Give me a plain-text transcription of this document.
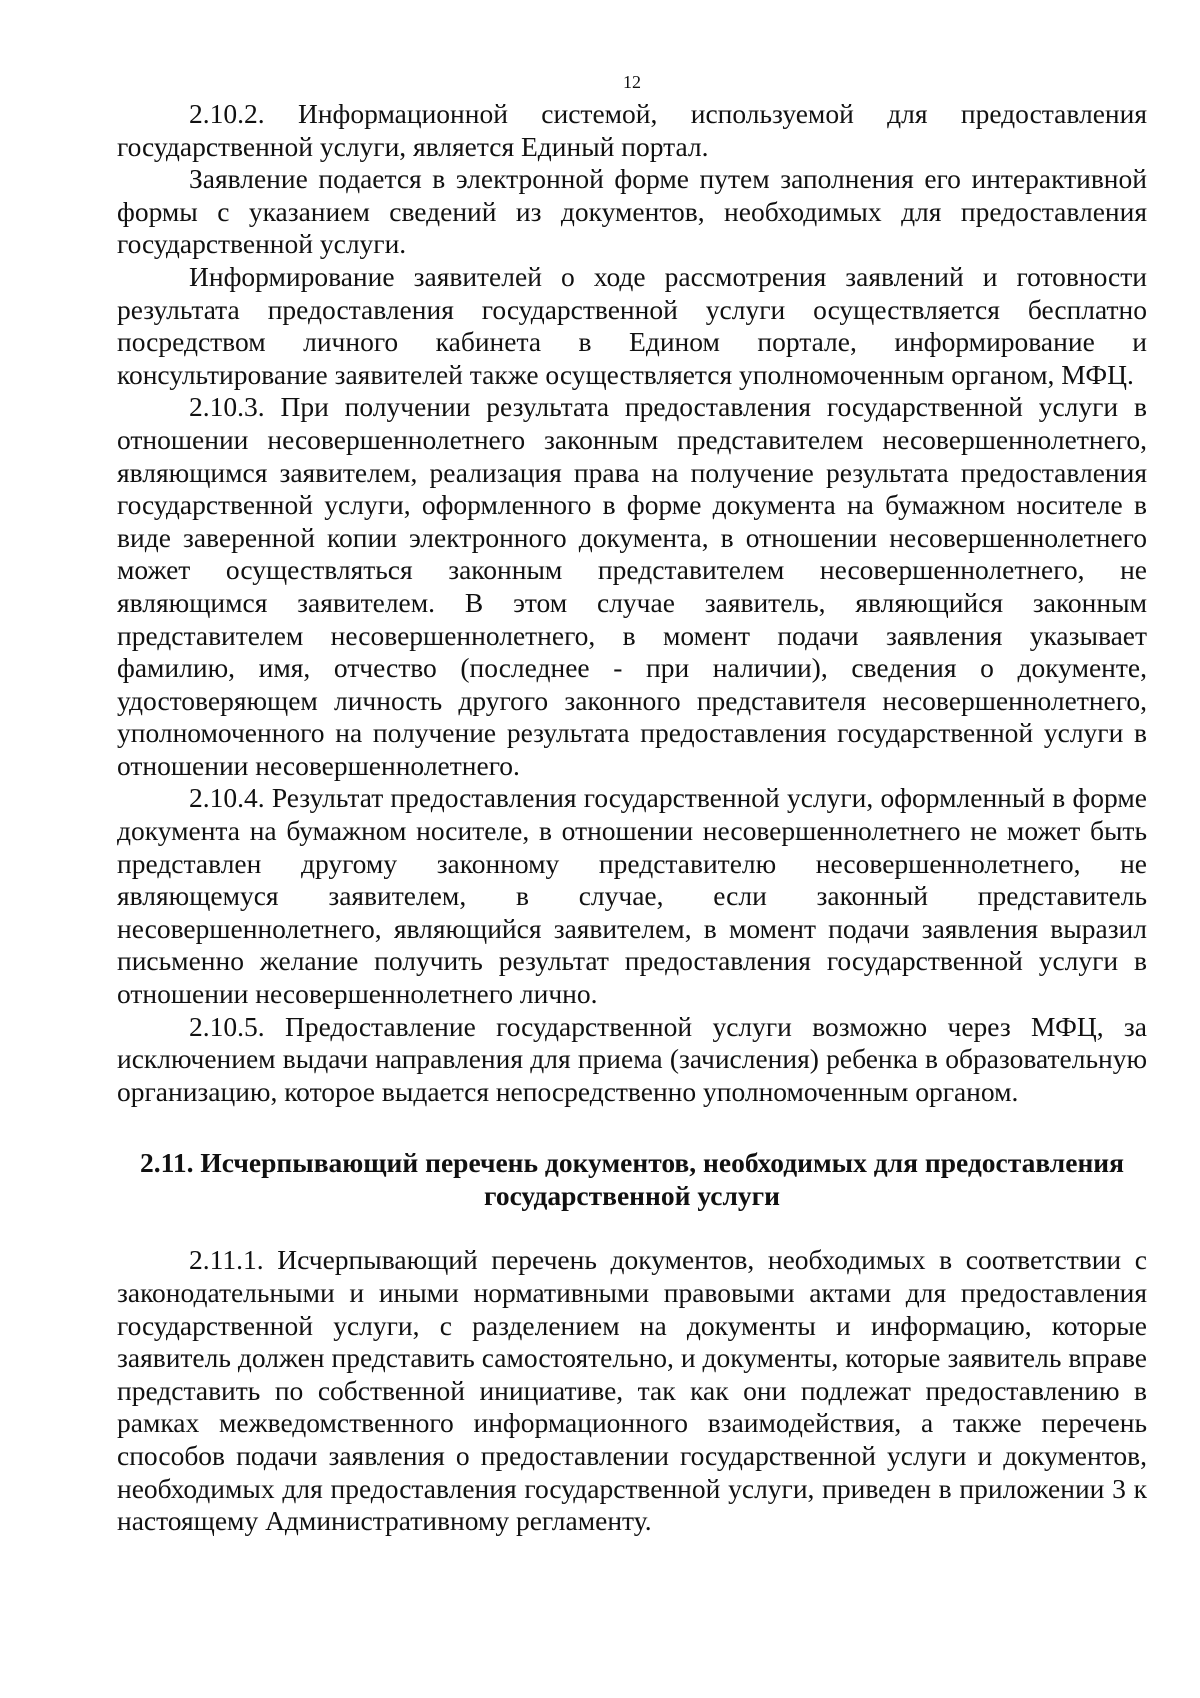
12

2.10.2. Информационной системой, используемой для предоставления государственной услуги, является Единый портал.

Заявление подается в электронной форме путем заполнения его интерактивной формы с указанием сведений из документов, необходимых для предоставления государственной услуги.

Информирование заявителей о ходе рассмотрения заявлений и готовности результата предоставления государственной услуги осуществляется бесплатно посредством личного кабинета в Едином портале, информирование и консультирование заявителей также осуществляется уполномоченным органом, МФЦ.

2.10.3. При получении результата предоставления государственной услуги в отношении несовершеннолетнего законным представителем несовершеннолетнего, являющимся заявителем, реализация права на получение результата предоставления государственной услуги, оформленного в форме документа на бумажном носителе в виде заверенной копии электронного документа, в отношении несовершеннолетнего может осуществляться законным представителем несовершеннолетнего, не являющимся заявителем. В этом случае заявитель, являющийся законным представителем несовершеннолетнего, в момент подачи заявления указывает фамилию, имя, отчество (последнее - при наличии), сведения о документе, удостоверяющем личность другого законного представителя несовершеннолетнего, уполномоченного на получение результата предоставления государственной услуги в отношении несовершеннолетнего.

2.10.4. Результат предоставления государственной услуги, оформленный в форме документа на бумажном носителе, в отношении несовершеннолетнего не может быть представлен другому законному представителю несовершеннолетнего, не являющемуся заявителем, в случае, если законный представитель несовершеннолетнего, являющийся заявителем, в момент подачи заявления выразил письменно желание получить результат предоставления государственной услуги в отношении несовершеннолетнего лично.

2.10.5. Предоставление государственной услуги возможно через МФЦ, за исключением выдачи направления для приема (зачисления) ребенка в образовательную организацию, которое выдается непосредственно уполномоченным органом.

2.11. Исчерпывающий перечень документов, необходимых для предоставления
государственной услуги

2.11.1. Исчерпывающий перечень документов, необходимых в соответствии с законодательными и иными нормативными правовыми актами для предоставления государственной услуги, с разделением на документы и информацию, которые заявитель должен представить самостоятельно, и документы, которые заявитель вправе представить по собственной инициативе, так как они подлежат предоставлению в рамках межведомственного информационного взаимодействия, а также перечень способов подачи заявления о предоставлении государственной услуги и документов, необходимых для предоставления государственной услуги, приведен в приложении 3 к настоящему Административному регламенту.
